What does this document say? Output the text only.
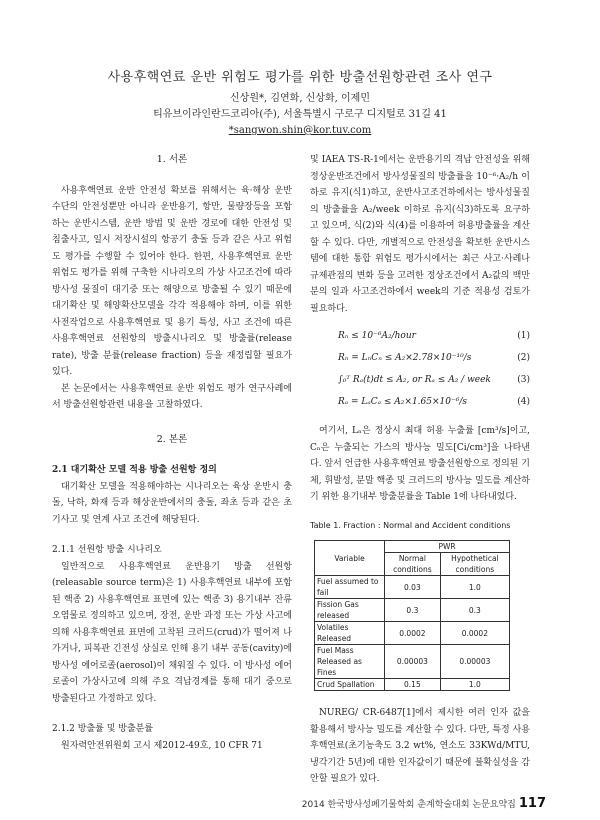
사용후핵연료 운반 위험도 평가를 위한 방출선원항관련 조사 연구
신상원*, 김연화, 신상화, 이제민
티유브이라인란드코리아(주), 서울특별시 구로구 디지털로 31길 41
*sangwon.shin@kor.tuv.com

1. 서론

사용후핵연료 운반 안전성 확보를 위해서는 육·해상 운반 수단의 안전성뿐만 아니라 운반용기, 항만, 물량장등을 포함하는 운반시스템, 운반 방법 및 운반 경로에 대한 안전성 및 침출사고, 일시 저장시설의 항공기 충돌 등과 같은 사고 위험도 평가를 수행할 수 있어야 한다. 한편, 사용후핵연료 운반 위험도 평가를 위해 구축한 시나리오의 가상 사고조건에 따라 방사성 물질이 대기중 또는 해양으로 방출될 수 있기 때문에 대기확산 및 해양확산모델을 각각 적용해야 하며, 이를 위한 사전작업으로 사용후핵연료 및 용기 특성, 사고 조건에 따른 사용후핵연료 선원항의 방출시나리오 및 방출률(release rate), 방출 분률(release fraction) 등을 재정립할 필요가 있다.

본 논문에서는 사용후핵연료 운반 위험도 평가 연구사례에서 방출선원항관련 내용을 고찰하였다.

2. 본론

2.1 대기확산 모델 적용 방출 선원항 정의

대기확산 모델을 적용해야하는 시나리오는 육상 운반시 충돌, 낙하, 화재 등과 해상운반에서의 충돌, 좌초 등과 같은 초기사고 및 연계 사고 조건에 해당된다.

2.1.1 선원항 방출 시나리오

일반적으로 사용후핵연료 운반용기 방출 선원항(releasable source term)은 1) 사용후핵연료 내부에 포함된 핵종 2) 사용후핵연료 표면에 있는 핵종 3) 용기내부 잔류 오염물로 정의하고 있으며, 장전, 운반 과정 또는 가상 사고에 의해 사용후핵연료 표면에 고착된 크러드(crud)가 떨어져 나가거나, 피복관 긴전성 상실로 인해 용기 내부 공동(cavity)에 방사성 에어로졸(aerosol)이 채워질 수 있다. 이 방사성 에어로졸이 가상사고에 의해 주요 격납경계를 통해 대기 중으로 방출된다고 가정하고 있다.

2.1.2 방출률 및 방출분률

원자력안전위원회 고시 제2012-49호, 10 CFR 71

및 IAEA TS-R-1에서는 운반용기의 격납 안전성을 위해 정상운반조건에서 방사성물질의 방출률을 10⁻⁶·A₂/h 이하로 유지(식1)하고, 운반사고조건하에서는 방사성물질의 방출률을 A₂/week 이하로 유지(식3)하도록 요구하고 있으며, 식(2)와 식(4)를 이용하여 허용방출률을 계산할 수 있다. 다만, 개별적으로 안전성을 확보한 운반시스템에 대한 통합 위험도 평가시에서는 최근 사고·사례나 규제관점의 변화 등을 고려한 정상조건에서 A₂값의 백만분의 일과 사고조건하에서 week의 기준 적용성 검토가 필요하다.

Rₙ ≤ 10⁻⁶A₂/hour	(1)
Rₙ = LₙCₙ ≤ A₂×2.78×10⁻¹⁰/s	(2)
∫₀ᵀ Rₐ(t)dt ≤ A₂, or Rₐ ≤ A₂ / week	(3)
Rₐ = LₐCₐ ≤ A₂×1.65×10⁻⁶/s	(4)

여기서, Lₙ은 정상시 최대 허용 누출률 [cm³/s]이고, Cₙ은 누출되는 가스의 방사능 밀도[Ci/cm³]을 나타낸다. 앞서 언급한 사용후핵연료 방출선원항으로 정의된 기체, 휘발성, 분말 핵종 및 크러드의 방사능 밀도를 계산하기 위한 용기내부 방출분률을 Table 1에 나타내었다.

Table 1. Fraction : Normal and Accident conditions

Variable	PWR	
	Normal conditions	Hypothetical conditions
Fuel assumed to fail	0.03	1.0
Fission Gas released	0.3	0.3
Volatiles Released	0.0002	0.0002
Fuel Mass Released as Fines	0.00003	0.00003
Crud Spallation	0.15	1.0

NUREG/ CR-6487[1]에서 제시한 여러 인자 값을 활용해서 방사능 밀도를 계산할 수 있다. 다만, 특정 사용후핵연료(초기농축도 3.2 wt%, 연소도 33KWd/MTU, 냉각기간 5년)에 대한 인자값이기 때문에 불확실성을 감안할 필요가 있다.

2014 한국방사성폐기물학회 춘계학술대회 논문요약집 117
